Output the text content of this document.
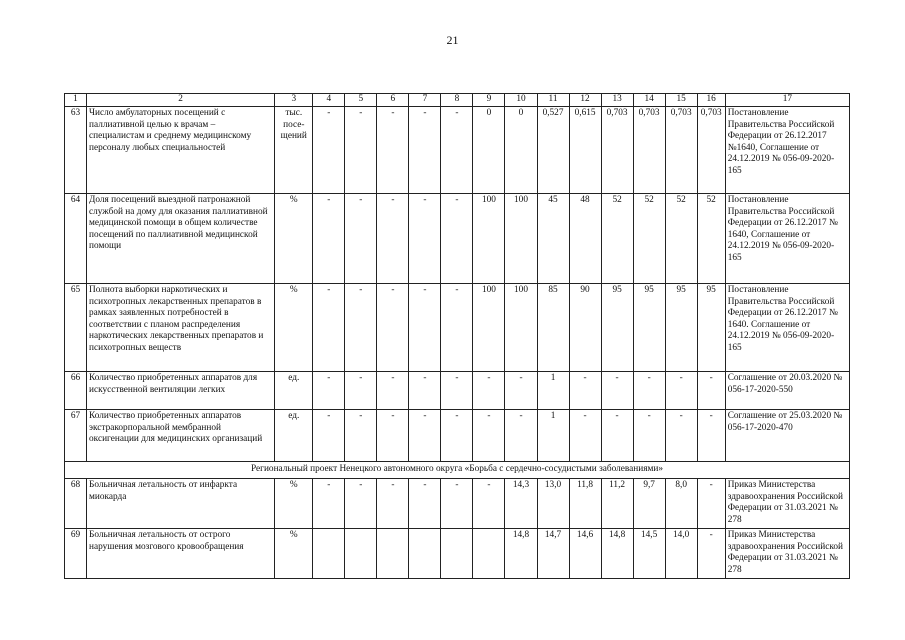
21
1	2	3	4	5	6	7	8	9	10	11	12	13	14	15	16	17
63	Число амбулаторных посещений с паллиативной целью к врачам – специалистам и среднему медицинскому персоналу любых специальностей	тыс. посе-щений	-	-	-	-	-	0	0	0,527	0,615	0,703	0,703	0,703	0,703	Постановление Правительства Российской Федерации от 26.12.2017 №1640, Соглашение от 24.12.2019 № 056-09-2020-165
64	Доля посещений выездной патронажной службой на дому для оказания паллиативной медицинской помощи в общем количестве посещений по паллиативной медицинской помощи	%	-	-	-	-	-	100	100	45	48	52	52	52	52	Постановление Правительства Российской Федерации от 26.12.2017 № 1640, Соглашение от 24.12.2019 № 056-09-2020-165
65	Полнота выборки наркотических и психотропных лекарственных препаратов в рамках заявленных потребностей в соответствии с планом распределения наркотических лекарственных препаратов и психотропных веществ	%	-	-	-	-	-	100	100	85	90	95	95	95	95	Постановление Правительства Российской Федерации от 26.12.2017 № 1640. Соглашение от 24.12.2019 № 056-09-2020-165
66	Количество приобретенных аппаратов для искусственной вентиляции легких	ед.	-	-	-	-	-	-	-	1	-	-	-	-	-	Соглашение от 20.03.2020 № 056-17-2020-550
67	Количество приобретенных аппаратов экстракорпоральной мембранной оксигенации для медицинских организаций	ед.	-	-	-	-	-	-	-	1	-	-	-	-	-	Соглашение от 25.03.2020 № 056-17-2020-470
Региональный проект Ненецкого автономного округа «Борьба с сердечно-сосудистыми заболеваниями»																
68	Больничная летальность от инфаркта миокарда	%	-	-	-	-	-	-	14,3	13,0	11,8	11,2	9,7	8,0	-	Приказ Министерства здравоохранения Российской Федерации от 31.03.2021 № 278
69	Больничная летальность от острого нарушения мозгового кровообращения	%							14,8	14,7	14,6	14,8	14,5	14,0	-	Приказ Министерства здравоохранения Российской Федерации от 31.03.2021 № 278
